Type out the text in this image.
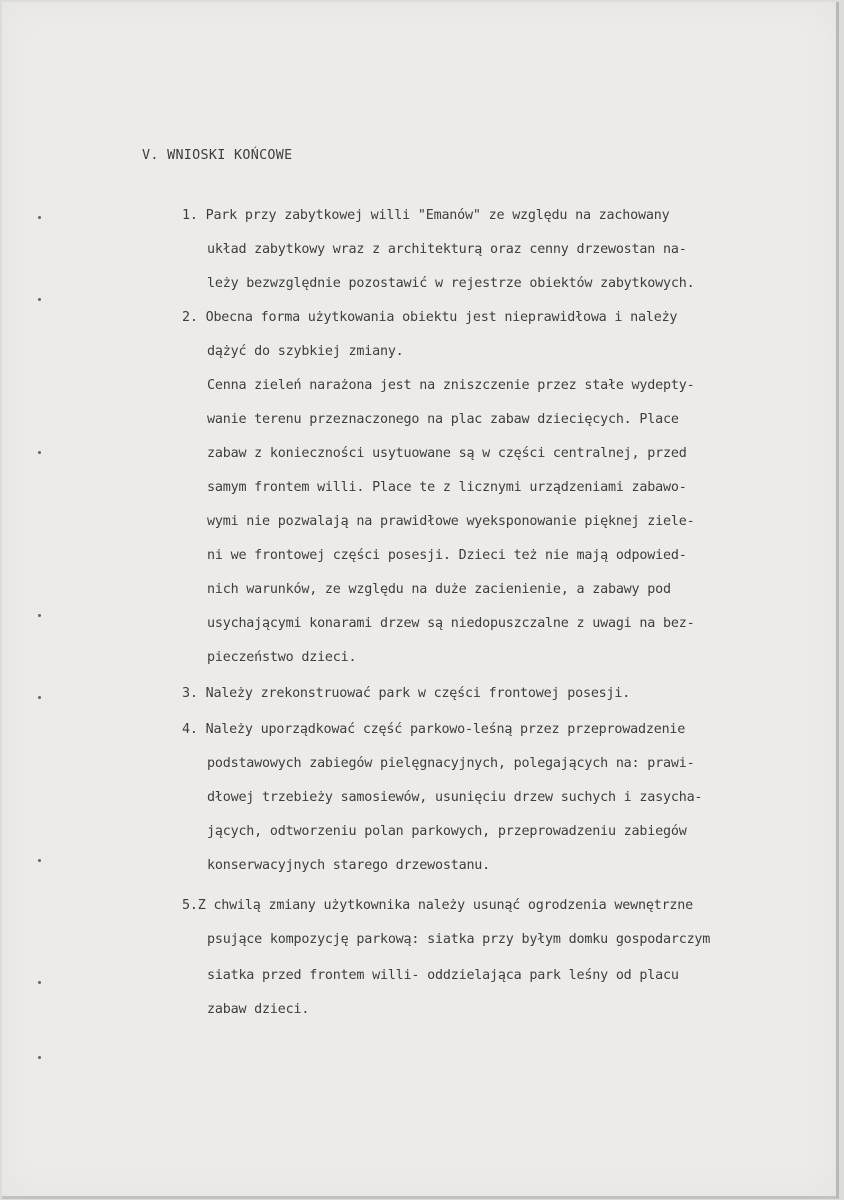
V. WNIOSKI KOŃCOWE
1. Park przy zabytkowej willi "Emanów" ze względu na zachowany
układ zabytkowy wraz z architekturą oraz cenny drzewostan na-
leży bezwzględnie pozostawić w rejestrze obiektów zabytkowych.
2. Obecna forma użytkowania obiektu jest nieprawidłowa i należy
dążyć do szybkiej zmiany.
Cenna zieleń narażona jest na zniszczenie przez stałe wydepty-
wanie terenu przeznaczonego na plac zabaw dziecięcych. Place
zabaw z konieczności usytuowane są w części centralnej, przed
samym frontem willi. Place te z licznymi urządzeniami zabawo-
wymi nie pozwalają na prawidłowe wyeksponowanie pięknej ziele-
ni we frontowej części posesji. Dzieci też nie mają odpowied-
nich warunków, ze względu na duże zacienienie, a zabawy pod
usychającymi konarami drzew są niedopuszczalne z uwagi na bez-
pieczeństwo dzieci.
3. Należy zrekonstruować park w części frontowej posesji.
4. Należy uporządkować część parkowo-leśną przez przeprowadzenie
podstawowych zabiegów pielęgnacyjnych, polegających na: prawi-
dłowej trzebieży samosiewów, usunięciu drzew suchych i zasycha-
jących, odtworzeniu polan parkowych, przeprowadzeniu zabiegów
konserwacyjnych starego drzewostanu.
5.Z chwilą zmiany użytkownika należy usunąć ogrodzenia wewnętrzne
psujące kompozycję parkową: siatka przy byłym domku gospodarczym
siatka przed frontem willi- oddzielająca park leśny od placu
zabaw dzieci.
